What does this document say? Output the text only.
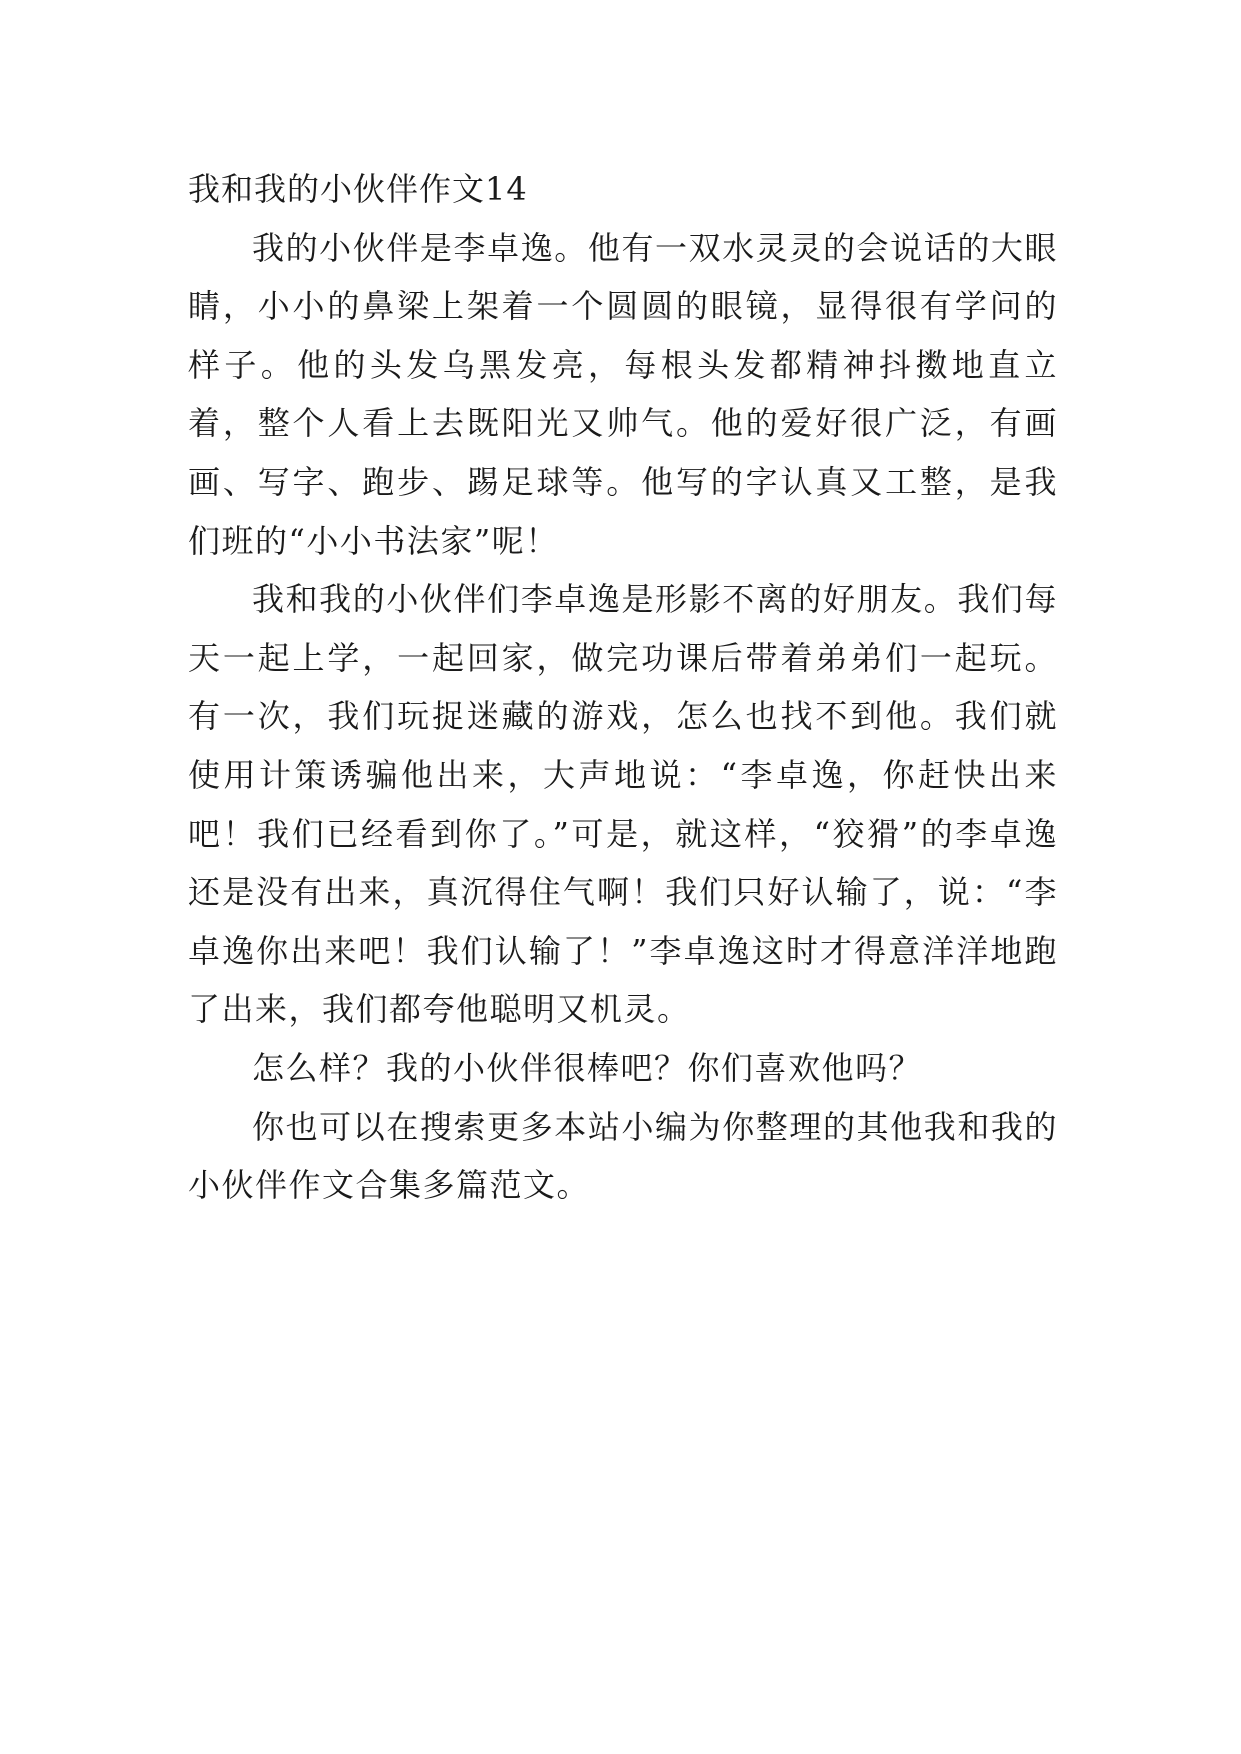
我和我的小伙伴作文14

我的小伙伴是李卓逸。他有一双水灵灵的会说话的大眼睛，小小的鼻梁上架着一个圆圆的眼镜，显得很有学问的样子。他的头发乌黑发亮，每根头发都精神抖擞地直立着，整个人看上去既阳光又帅气。他的爱好很广泛，有画画、写字、跑步、踢足球等。他写的字认真又工整，是我们班的“小小书法家”呢！

我和我的小伙伴们李卓逸是形影不离的好朋友。我们每天一起上学，一起回家，做完功课后带着弟弟们一起玩。有一次，我们玩捉迷藏的游戏，怎么也找不到他。我们就使用计策诱骗他出来，大声地说：“李卓逸，你赶快出来吧！我们已经看到你了。”可是，就这样，“狡猾”的李卓逸还是没有出来，真沉得住气啊！我们只好认输了，说：“李卓逸你出来吧！我们认输了！”李卓逸这时才得意洋洋地跑了出来，我们都夸他聪明又机灵。

怎么样？我的小伙伴很棒吧？你们喜欢他吗？

你也可以在搜索更多本站小编为你整理的其他我和我的小伙伴作文合集多篇范文。
